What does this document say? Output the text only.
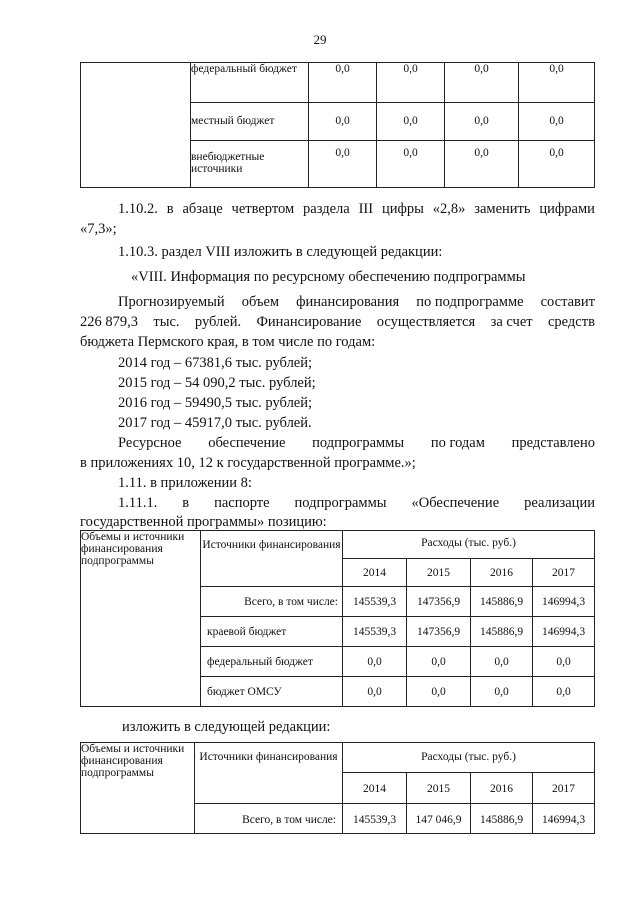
29
	федеральный бюджет	0,0	0,0	0,0	0,0
	местный бюджет	0,0	0,0	0,0	0,0
	внебюджетные источники	0,0	0,0	0,0	0,0
1.10.2. в абзаце четвертом раздела III цифры «2,8» заменить цифрами
«7,3»;
1.10.3. раздел VIII изложить в следующей редакции:
«VIII. Информация по ресурсному обеспечению подпрограммы
Прогнозируемый объем финансирования по подпрограмме составит
226 879,3 тыс. рублей. Финансирование осуществляется за счет средств
бюджета Пермского края, в том числе по годам:
2014 год – 67381,6 тыс. рублей;
2015 год – 54 090,2 тыс. рублей;
2016 год – 59490,5 тыс. рублей;
2017 год – 45917,0 тыс. рублей.
Ресурсное обеспечение подпрограммы по годам представлено
в приложениях 10, 12 к государственной программе.»;
1.11. в приложении 8:
1.11.1. в паспорте подпрограммы «Обеспечение реализации
государственной программы» позицию:
Объемы и источники финансирования подпрограммы	Источники финансирования	Расходы (тыс. руб.)			
		2014	2015	2016	2017
	Всего, в том числе:	145539,3	147356,9	145886,9	146994,3
	краевой бюджет	145539,3	147356,9	145886,9	146994,3
	федеральный бюджет	0,0	0,0	0,0	0,0
	бюджет ОМСУ	0,0	0,0	0,0	0,0
изложить в следующей редакции:
Объемы и источники финансирования подпрограммы	Источники финансирования	Расходы (тыс. руб.)			
		2014	2015	2016	2017
	Всего, в том числе:	145539,3	147 046,9	145886,9	146994,3
